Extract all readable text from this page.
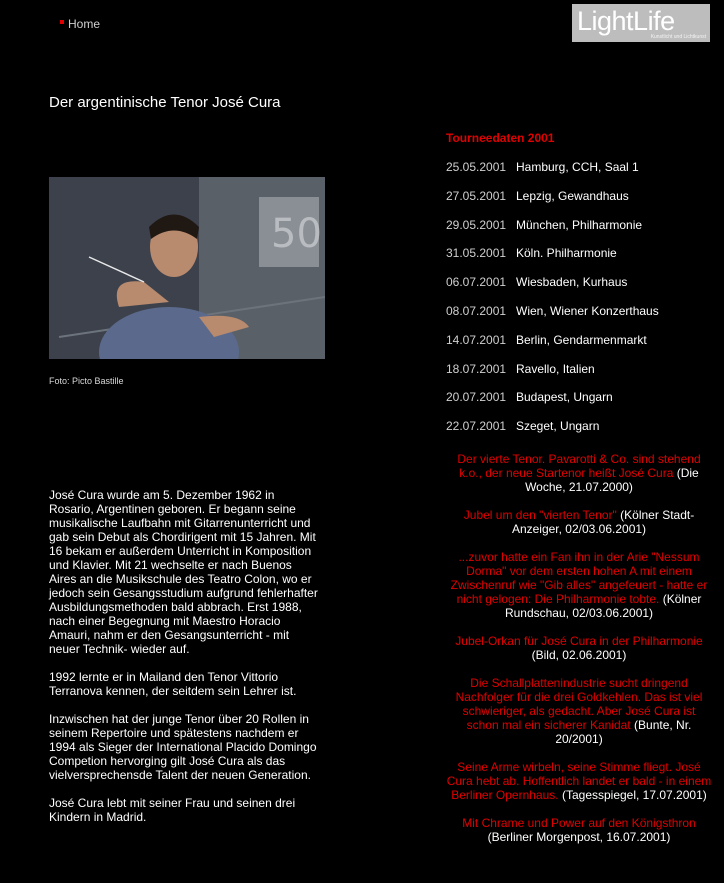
Home	LightLife
Kunstlicht und Lichtkunst
Der argentinische Tenor José Cura
50
Foto: Picto Bastille

José Cura wurde am 5. Dezember 1962 in Rosario, Argentinen geboren. Er begann seine musikalische Laufbahn mit Gitarrenunterricht und gab sein Debut als Chordirigent mit 15 Jahren. Mit 16 bekam er außerdem Unterricht in Komposition und Klavier. Mit 21 wechselte er nach Buenos Aires an die Musikschule des Teatro Colon, wo er jedoch sein Gesangsstudium aufgrund fehlerhafter Ausbildungsmethoden bald abbrach. Erst 1988, nach einer Begegnung mit Maestro Horacio Amauri, nahm er den Gesangsunterricht - mit neuer Technik- wieder auf.

1992 lernte er in Mailand den Tenor Vittorio Terranova kennen, der seitdem sein Lehrer ist.

Inzwischen hat der junge Tenor über 20 Rollen in seinem Repertoire und spätestens nachdem er 1994 als Sieger der International Placido Domingo Competion hervorging gilt José Cura als das vielversprechensde Talent der neuen Generation.

José Cura lebt mit seiner Frau und seinen drei Kindern in Madrid.

Tourneedaten 2001
25.05.2001 Hamburg, CCH, Saal 1
27.05.2001 Lepzig, Gewandhaus
29.05.2001 München, Philharmonie
31.05.2001 Köln. Philharmonie
06.07.2001 Wiesbaden, Kurhaus
08.07.2001 Wien, Wiener Konzerthaus
14.07.2001 Berlin, Gendarmenmarkt
18.07.2001 Ravello, Italien
20.07.2001 Budapest, Ungarn
22.07.2001 Szeget, Ungarn

Der vierte Tenor. Pavarotti & Co. sind stehend k.o., der neue Startenor heißt José Cura (Die Woche, 21.07.2000)

Jubel um den "vierten Tenor" (Kölner Stadt-Anzeiger, 02/03.06.2001)

...zuvor hatte ein Fan ihn in der Arie "Nessum Dorma" vor dem ersten hohen A mit einem Zwischenruf wie "Gib alles" angefeuert - hatte er nicht gelogen: Die Philharmonie tobte. (Kölner Rundschau, 02/03.06.2001)

Jubel-Orkan für José Cura in der Philharmonie
(Bild, 02.06.2001)

Die Schallplattenindustrie sucht dringend Nachfolger für die drei Goldkehlen. Das ist viel schwieriger, als gedacht. Aber José Cura ist schon mal ein sicherer Kanidat (Bunte, Nr. 20/2001)

Seine Arme wirbeln, seine Stimme fliegt. José Cura hebt ab. Hoffentlich landet er bald - in einem Berliner Opernhaus. (Tagesspiegel, 17.07.2001)

Mit Chrame und Power auf den Königsthron
(Berliner Morgenpost, 16.07.2001)
